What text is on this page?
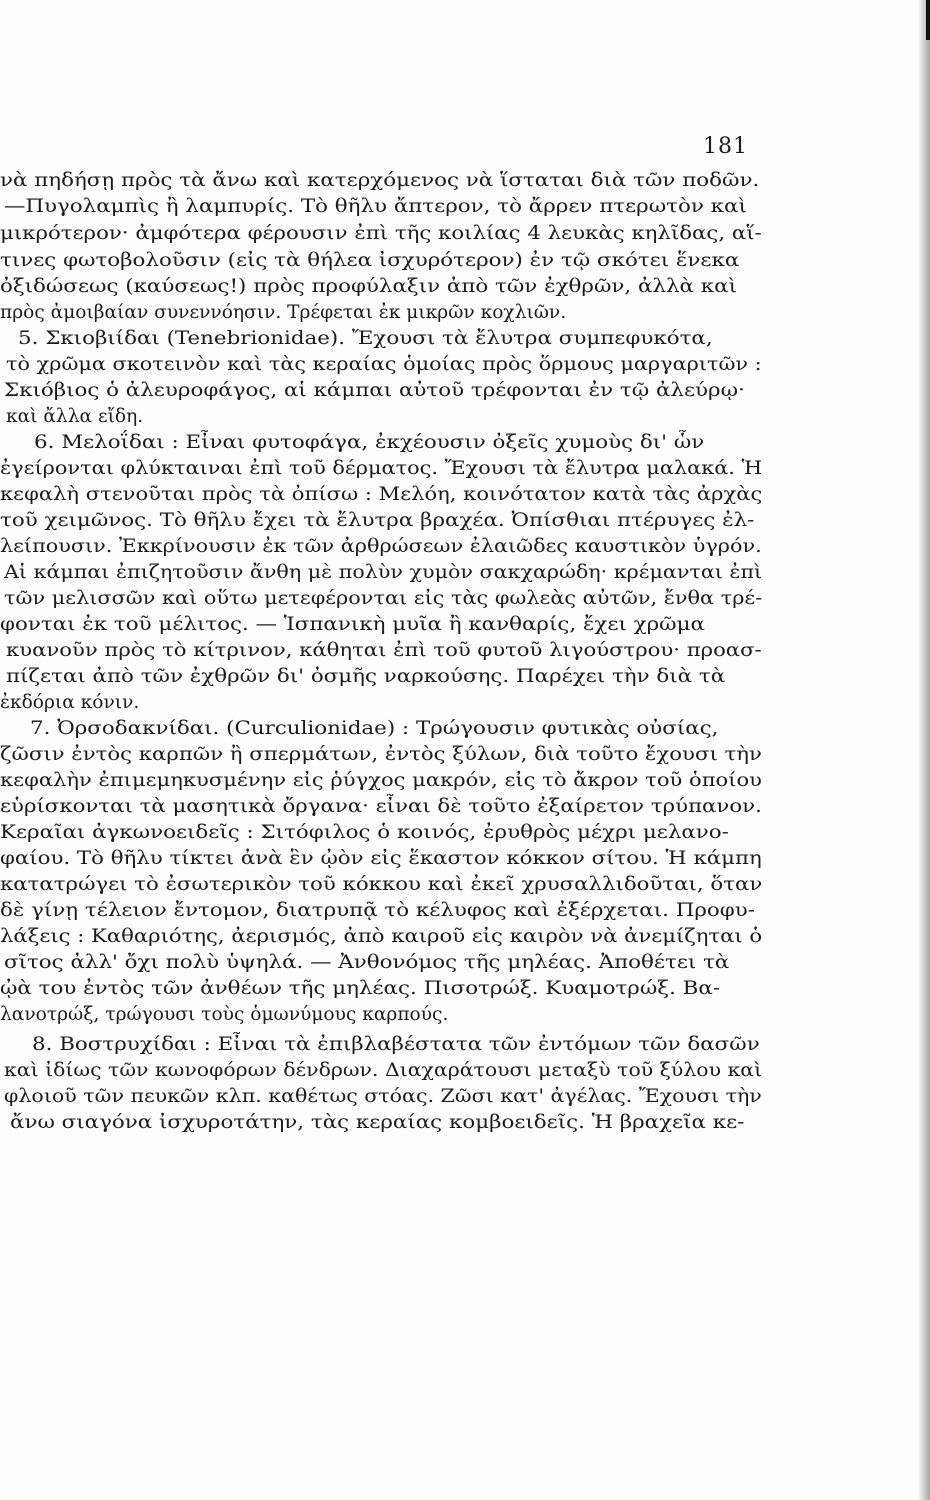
181
νὰ πηδήσῃ πρὸς τὰ ἄνω καὶ κατερχόμενος νὰ ἵσταται διὰ τῶν ποδῶν.
—Πυγολαμπὶς ἢ λαμπυρίς. Τὸ θῆλυ ἄπτερον, τὸ ἄρρεν πτερωτὸν καὶ
μικρότερον· ἀμφότερα φέρουσιν ἐπὶ τῆς κοιλίας 4 λευκὰς κηλῖδας, αἵ-
τινες φωτοβολοῦσιν (εἰς τὰ θήλεα ἰσχυρότερον) ἐν τῷ σκότει ἕνεκα
ὀξιδώσεως (καύσεως!) πρὸς προφύλαξιν ἀπὸ τῶν ἐχθρῶν, ἀλλὰ καὶ
πρὸς ἀμοιβαίαν συνεννόησιν. Τρέφεται ἐκ μικρῶν κοχλιῶν.
5. Σκιοβιίδαι (Tenebrionidae). Ἔχουσι τὰ ἔλυτρα συμπεφυκότα,
τὸ χρῶμα σκοτεινὸν καὶ τὰς κεραίας ὁμοίας πρὸς ὅρμους μαργαριτῶν :
Σκιόβιος ὁ ἀλευροφάγος, αἱ κάμπαι αὐτοῦ τρέφονται ἐν τῷ ἀλεύρῳ·
καὶ ἄλλα εἴδη.
6. Μελοΐδαι : Εἶναι φυτοφάγα, ἐκχέουσιν ὀξεῖς χυμοὺς δι' ὧν
ἐγείρονται φλύκταιναι ἐπὶ τοῦ δέρματος. Ἔχουσι τὰ ἔλυτρα μαλακά. Ἡ
κεφαλὴ στενοῦται πρὸς τὰ ὀπίσω : Μελόη, κοινότατον κατὰ τὰς ἀρχὰς
τοῦ χειμῶνος. Τὸ θῆλυ ἔχει τὰ ἔλυτρα βραχέα. Ὀπίσθιαι πτέρυγες ἐλ-
λείπουσιν. Ἐκκρίνουσιν ἐκ τῶν ἀρθρώσεων ἐλαιῶδες καυστικὸν ὑγρόν.
Αἱ κάμπαι ἐπιζητοῦσιν ἄνθη μὲ πολὺν χυμὸν σακχαρώδη· κρέμανται ἐπὶ
τῶν μελισσῶν καὶ οὕτω μετεφέρονται εἰς τὰς φωλεὰς αὐτῶν, ἔνθα τρέ-
φονται ἐκ τοῦ μέλιτος. — Ἱσπανικὴ μυῖα ἢ κανθαρίς, ἔχει χρῶμα
κυανοῦν πρὸς τὸ κίτρινον, κάθηται ἐπὶ τοῦ φυτοῦ λιγούστρου· προασ-
πίζεται ἀπὸ τῶν ἐχθρῶν δι' ὀσμῆς ναρκούσης. Παρέχει τὴν διὰ τὰ
ἐκδόρια κόνιν.
7. Ὀρσοδακνίδαι. (Curculionidae) : Τρώγουσιν φυτικὰς οὐσίας,
ζῶσιν ἐντὸς καρπῶν ἢ σπερμάτων, ἐντὸς ξύλων, διὰ τοῦτο ἔχουσι τὴν
κεφαλὴν ἐπιμεμηκυσμένην εἰς ῥύγχος μακρόν, εἰς τὸ ἄκρον τοῦ ὁποίου
εὑρίσκονται τὰ μασητικὰ ὄργανα· εἶναι δὲ τοῦτο ἐξαίρετον τρύπανον.
Κεραῖαι ἀγκωνοειδεῖς : Σιτόφιλος ὁ κοινός, ἐρυθρὸς μέχρι μελανο-
φαίου. Τὸ θῆλυ τίκτει ἀνὰ ἓν ᾠὸν εἰς ἕκαστον κόκκον σίτου. Ἡ κάμπη
κατατρώγει τὸ ἐσωτερικὸν τοῦ κόκκου καὶ ἐκεῖ χρυσαλλιδοῦται, ὅταν
δὲ γίνῃ τέλειον ἔντομον, διατρυπᾷ τὸ κέλυφος καὶ ἐξέρχεται. Προφυ-
λάξεις : Καθαριότης, ἀερισμός, ἀπὸ καιροῦ εἰς καιρὸν νὰ ἀνεμίζηται ὁ
σῖτος ἀλλ' ὄχι πολὺ ὑψηλά. — Ἀνθονόμος τῆς μηλέας. Ἀποθέτει τὰ
ᾠὰ του ἐντὸς τῶν ἀνθέων τῆς μηλέας. Πισοτρώξ. Κυαμοτρώξ. Βα-
λανοτρώξ, τρώγουσι τοὺς ὁμωνύμους καρπούς.
8. Βοστρυχίδαι : Εἶναι τὰ ἐπιβλαβέστατα τῶν ἐντόμων τῶν δασῶν
καὶ ἰδίως τῶν κωνοφόρων δένδρων. Διαχαράτουσι μεταξὺ τοῦ ξύλου καὶ
φλοιοῦ τῶν πευκῶν κλπ. καθέτως στόας. Ζῶσι κατ' ἀγέλας. Ἔχουσι τὴν
ἄνω σιαγόνα ἰσχυροτάτην, τὰς κεραίας κομβοειδεῖς. Ἡ βραχεῖα κε-
